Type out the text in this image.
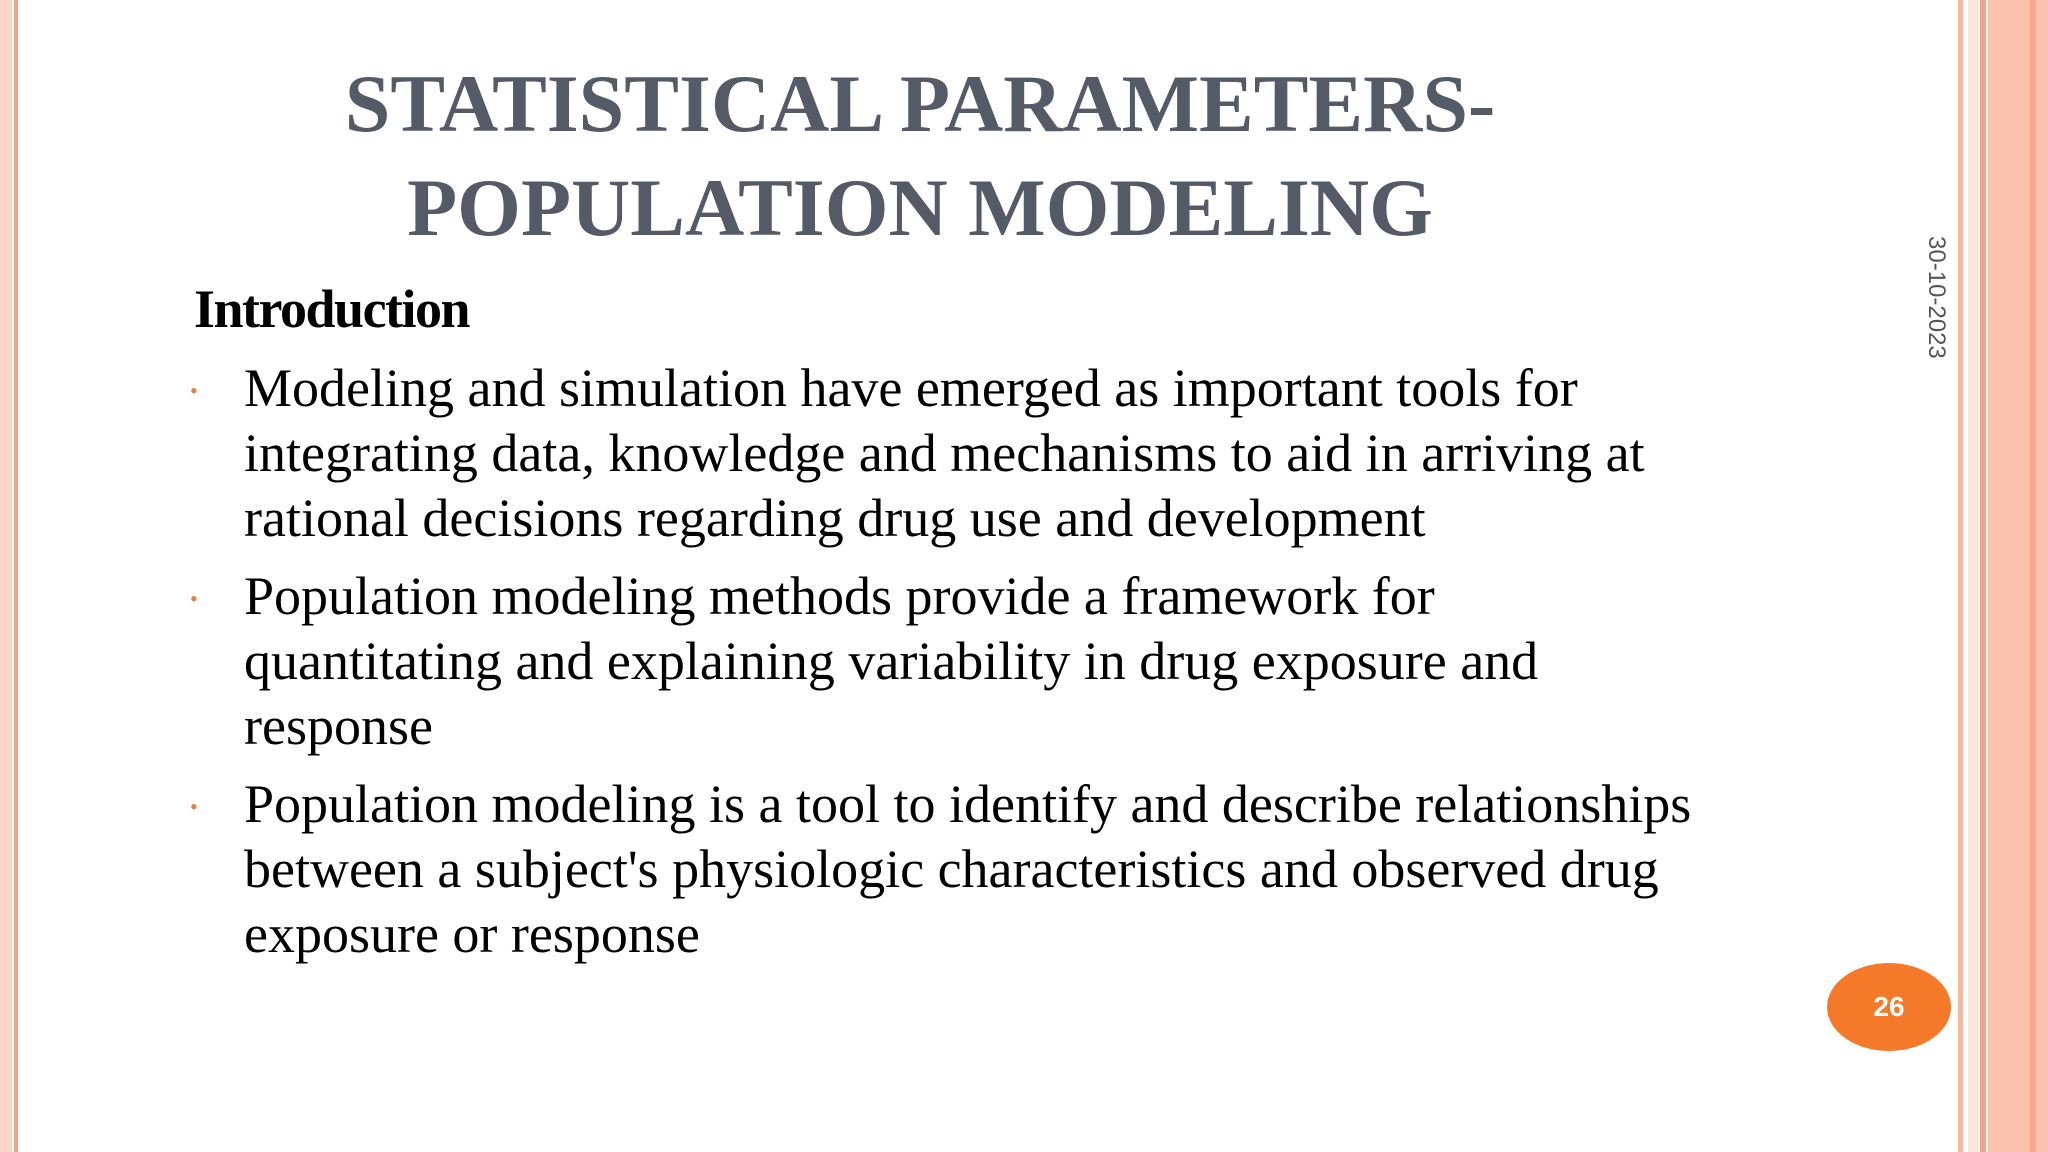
STATISTICAL PARAMETERS-
POPULATION MODELING
30-10-2023
Introduction
• Modeling and simulation have emerged as important tools for integrating data, knowledge and mechanisms to aid in arriving at rational decisions regarding drug use and development
• Population modeling methods provide a framework for quantitating and explaining variability in drug exposure and response
• Population modeling is a tool to identify and describe relationships between a subject's physiologic characteristics and observed drug exposure or response
26
